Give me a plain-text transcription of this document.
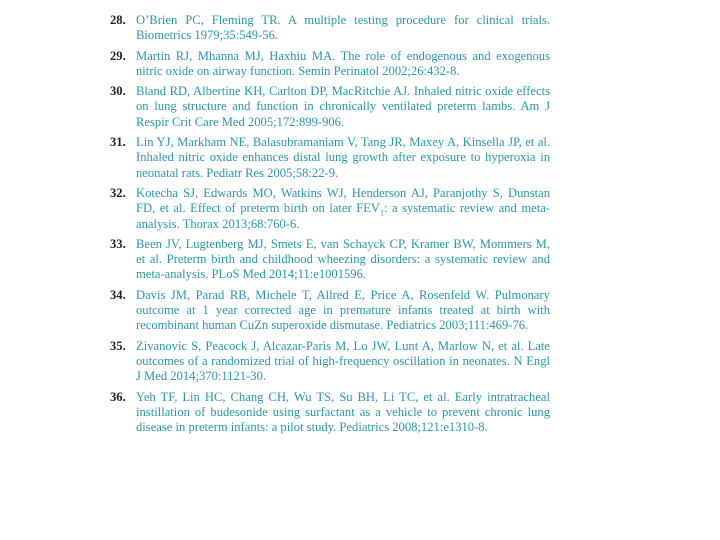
28. O’Brien PC, Fleming TR. A multiple testing procedure for clinical trials. Biometrics 1979;35:549-56.
29. Martin RJ, Mhanna MJ, Haxhiu MA. The role of endogenous and exogenous nitric oxide on airway function. Semin Perinatol 2002;26:432-8.
30. Bland RD, Albertine KH, Carlton DP, MacRitchie AJ. Inhaled nitric oxide effects on lung structure and function in chronically ventilated preterm lambs. Am J Respir Crit Care Med 2005;172:899-906.
31. Lin YJ, Markham NE, Balasubramaniam V, Tang JR, Maxey A, Kinsella JP, et al. Inhaled nitric oxide enhances distal lung growth after exposure to hyperoxia in neonatal rats. Pediatr Res 2005;58:22-9.
32. Kotecha SJ, Edwards MO, Watkins WJ, Henderson AJ, Paranjothy S, Dunstan FD, et al. Effect of preterm birth on later $FEV_1$: a systematic review and meta-analysis. Thorax 2013;68:760-6.
33. Been JV, Lugtenberg MJ, Smets E, van Schayck CP, Kramer BW, Mommers M, et al. Preterm birth and childhood wheezing disorders: a systematic review and meta-analysis. PLoS Med 2014;11:e1001596.
34. Davis JM, Parad RB, Michele T, Allred E, Price A, Rosenfeld W. Pulmonary outcome at 1 year corrected age in premature infants treated at birth with recombinant human CuZn superoxide dismutase. Pediatrics 2003;111:469-76.
35. Zivanovic S, Peacock J, Alcazar-Paris M, Lo JW, Lunt A, Marlow N, et al. Late outcomes of a randomized trial of high-frequency oscillation in neonates. N Engl J Med 2014;370:1121-30.
36. Yeh TF, Lin HC, Chang CH, Wu TS, Su BH, Li TC, et al. Early intratracheal instillation of budesonide using surfactant as a vehicle to prevent chronic lung disease in preterm infants: a pilot study. Pediatrics 2008;121:e1310-8.
